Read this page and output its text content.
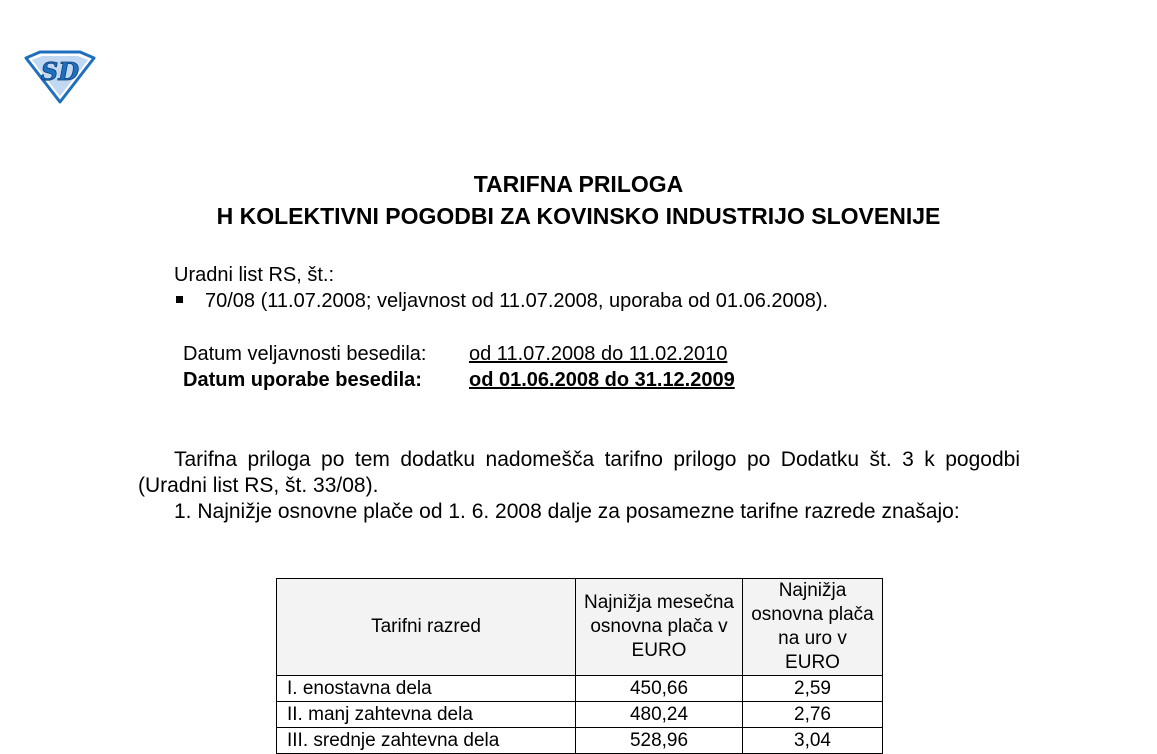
SD
TARIFNA PRILOGA
H KOLEKTIVNI POGODBI ZA KOVINSKO INDUSTRIJO SLOVENIJE
Uradni list RS, št.:
70/08 (11.07.2008; veljavnost od 11.07.2008, uporaba od 01.06.2008).
Datum veljavnosti besedila: od 11.07.2008 do 11.02.2010
Datum uporabe besedila: od 01.06.2008 do 31.12.2009
Tarifna priloga po tem dodatku nadomešča tarifno prilogo po Dodatku št. 3 k pogodbi (Uradni list RS, št. 33/08).
1. Najnižje osnovne plače od 1. 6. 2008 dalje za posamezne tarifne razrede znašajo:
Tarifni razred	Najnižja mesečna osnovna plača v EURO	Najnižja osnovna plača na uro v EURO
I. enostavna dela	450,66	2,59
II. manj zahtevna dela	480,24	2,76
III. srednje zahtevna dela	528,96	3,04
